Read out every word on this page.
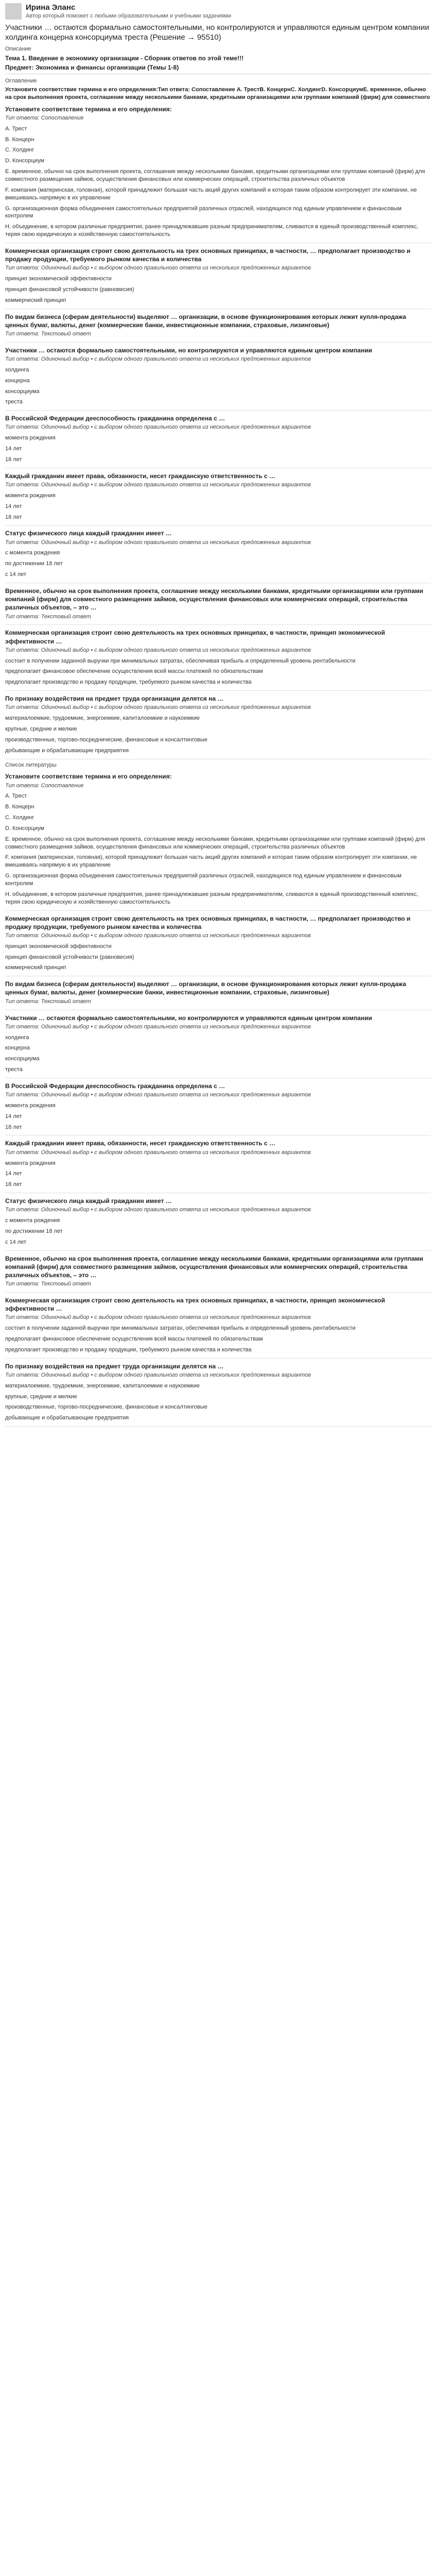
Ирина Эланс
Автор который поможет с любыми образовательными и учебными заданиями
Участники … остаются формально самостоятельными, но контролируются и управляются единым центром компании холдинга концерна консорциума треста (Решение → 95510)
Описание
Тема 1. Введение в экономику организации - Сборник ответов по этой теме!!!
Предмет: Экономика и финансы организации (Темы 1-8)
Оглавление
Установите соответствие термина и его определения:Тип ответа: Сопоставление А. ТрестВ. КонцернС. ХолдингD. КонсорциумE. временное, обычно на срок выполнения проекта, соглашение между несколькими банками, кредитными организациями или группами компаний (фирм) для совместного
Установите соответствие термина и его определения:
Тип ответа: Сопоставление
A. Трест
B. Концерн
C. Холдинг
D. Консорциум
E. временное, обычно на срок выполнения проекта, соглашение между несколькими банками, кредитными организациями или группами компаний (фирм) для совместного размещения займов, осуществления финансовых или коммерческих операций, строительства различных объектов
F. компания (материнская, головная), которой принадлежит большая часть акций других компаний и которая таким образом контролирует эти компании, не вмешиваясь напрямую в их управление
G. организационная форма объединения самостоятельных предприятий различных отраслей, находящихся под единым управлением и финансовым контролем
H. объединение, в котором различные предприятия, ранее принадлежавшие разным предпринимателям, сливаются в единый производственный комплекс, теряя свою юридическую и хозяйственную самостоятельность
Коммерческая организация строит свою деятельность на трех основных принципах, в частности, … предполагает производство и продажу продукции, требуемого рынком качества и количества
Тип ответа: Одиночный выбор • с выбором одного правильного ответа из нескольких предложенных вариантов
принцип экономической эффективности
принцип финансовой устойчивости (равновесия)
коммерческий принцип
По видам бизнеса (сферам деятельности) выделяют … организации, в основе функционирования которых лежит купля-продажа ценных бумаг, валюты, денег (коммерческие банки, инвестиционные компании, страховые, лизинговые)
Тип ответа: Текстовый ответ
Участники … остаются формально самостоятельными, но контролируются и управляются единым центром компании
Тип ответа: Одиночный выбор • с выбором одного правильного ответа из нескольких предложенных вариантов
холдинга
концерна
консорциума
треста
В Российской Федерации дееспособность гражданина определена с …
Тип ответа: Одиночный выбор • с выбором одного правильного ответа из нескольких предложенных вариантов
момента рождения
14 лет
18 лет
Каждый гражданин имеет права, обязанности, несет гражданскую ответственность с …
Тип ответа: Одиночный выбор • с выбором одного правильного ответа из нескольких предложенных вариантов
момента рождения
14 лет
18 лет
Статус физического лица каждый гражданин имеет …
Тип ответа: Одиночный выбор • с выбором одного правильного ответа из нескольких предложенных вариантов
с момента рождения
по достижении 18 лет
с 14 лет
Временное, обычно на срок выполнения проекта, соглашение между несколькими банками, кредитными организациями или группами компаний (фирм) для совместного размещения займов, осуществления финансовых или коммерческих операций, строительства различных объектов, – это …
Тип ответа: Текстовый ответ
Коммерческая организация строит свою деятельность на трех основных принципах, в частности, принцип экономической эффективности …
Тип ответа: Одиночный выбор • с выбором одного правильного ответа из нескольких предложенных вариантов
состоит в получении заданной выручки при минимальных затратах, обеспечивая прибыль и определенный уровень рентабельности
предполагает финансовое обеспечение осуществления всей массы платежей по обязательствам
предполагает производство и продажу продукции, требуемого рынком качества и количества
По признаку воздействия на предмет труда организации делятся на …
Тип ответа: Одиночный выбор • с выбором одного правильного ответа из нескольких предложенных вариантов
материалоемкие, трудоемкие, энергоемкие, капиталоемкие и наукоемкие
крупные, средние и мелкие
производственные, торгово-посреднические, финансовые и консалтинговые
добывающие и обрабатывающие предприятия
Список литературы
Установите соответствие термина и его определения:
Тип ответа: Сопоставление
A. Трест
B. Концерн
C. Холдинг
D. Консорциум
E. временное, обычно на срок выполнения проекта, соглашение между несколькими банками, кредитными организациями или группами компаний (фирм) для совместного размещения займов, осуществления финансовых или коммерческих операций, строительства различных объектов
F. компания (материнская, головная), которой принадлежит большая часть акций других компаний и которая таким образом контролирует эти компании, не вмешиваясь напрямую в их управление
G. организационная форма объединения самостоятельных предприятий различных отраслей, находящихся под единым управлением и финансовым контролем
H. объединение, в котором различные предприятия, ранее принадлежавшие разным предпринимателям, сливаются в единый производственный комплекс, теряя свою юридическую и хозяйственную самостоятельность
Коммерческая организация строит свою деятельность на трех основных принципах, в частности, … предполагает производство и продажу продукции, требуемого рынком качества и количества
Тип ответа: Одиночный выбор • с выбором одного правильного ответа из нескольких предложенных вариантов
принцип экономической эффективности
принцип финансовой устойчивости (равновесия)
коммерческий принцип
По видам бизнеса (сферам деятельности) выделяют … организации, в основе функционирования которых лежит купля-продажа ценных бумаг, валюты, денег (коммерческие банки, инвестиционные компании, страховые, лизинговые)
Тип ответа: Текстовый ответ
Участники … остаются формально самостоятельными, но контролируются и управляются единым центром компании
Тип ответа: Одиночный выбор • с выбором одного правильного ответа из нескольких предложенных вариантов
холдинга
концерна
консорциума
треста
В Российской Федерации дееспособность гражданина определена с …
Тип ответа: Одиночный выбор • с выбором одного правильного ответа из нескольких предложенных вариантов
момента рождения
14 лет
18 лет
Каждый гражданин имеет права, обязанности, несет гражданскую ответственность с …
Тип ответа: Одиночный выбор • с выбором одного правильного ответа из нескольких предложенных вариантов
момента рождения
14 лет
18 лет
Статус физического лица каждый гражданин имеет …
Тип ответа: Одиночный выбор • с выбором одного правильного ответа из нескольких предложенных вариантов
с момента рождения
по достижении 18 лет
с 14 лет
Временное, обычно на срок выполнения проекта, соглашение между несколькими банками, кредитными организациями или группами компаний (фирм) для совместного размещения займов, осуществления финансовых или коммерческих операций, строительства различных объектов, – это …
Тип ответа: Текстовый ответ
Коммерческая организация строит свою деятельность на трех основных принципах, в частности, принцип экономической эффективности …
Тип ответа: Одиночный выбор • с выбором одного правильного ответа из нескольких предложенных вариантов
состоит в получении заданной выручки при минимальных затратах, обеспечивая прибыль и определенный уровень рентабельности
предполагает финансовое обеспечение осуществления всей массы платежей по обязательствам
предполагает производство и продажу продукции, требуемого рынком качества и количества
По признаку воздействия на предмет труда организации делятся на …
Тип ответа: Одиночный выбор • с выбором одного правильного ответа из нескольких предложенных вариантов
материалоемкие, трудоемкие, энергоемкие, капиталоемкие и наукоемкие
крупные, средние и мелкие
производственные, торгово-посреднические, финансовые и консалтинговые
добывающие и обрабатывающие предприятия
